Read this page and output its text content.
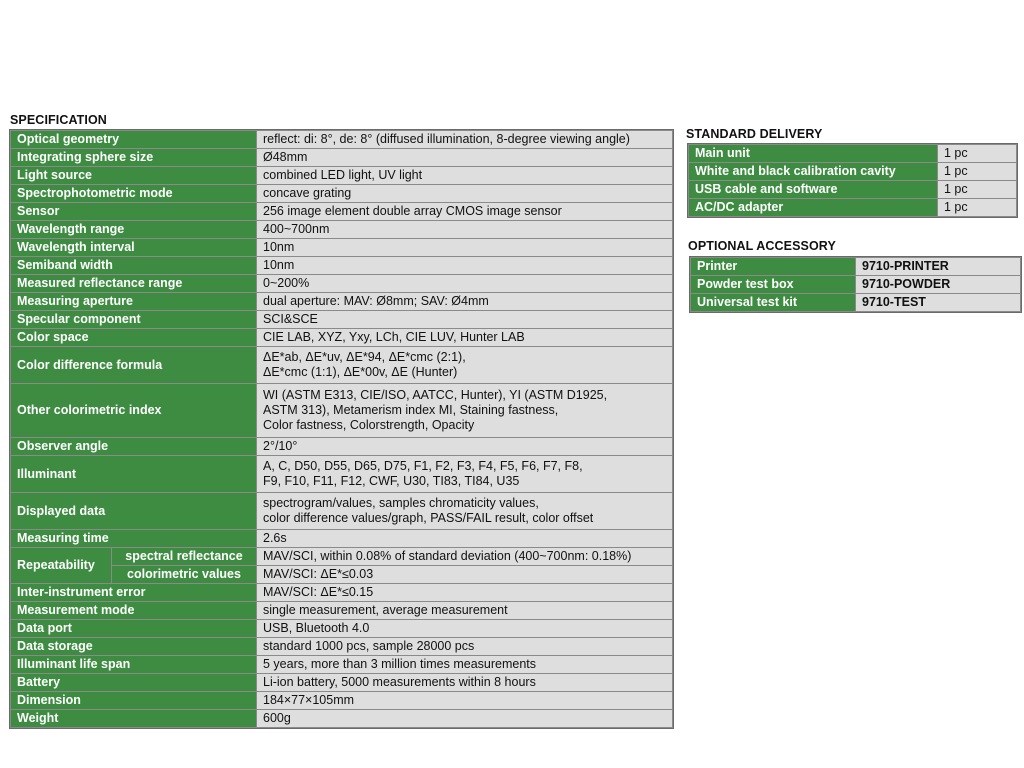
SPECIFICATION
Optical geometry		reflect: di: 8°, de: 8° (diffused illumination, 8-degree viewing angle)
Integrating sphere size		Ø48mm
Light source		combined LED light, UV light
Spectrophotometric mode		concave grating
Sensor		256 image element double array CMOS image sensor
Wavelength range		400~700nm
Wavelength interval		10nm
Semiband width		10nm
Measured reflectance range		0~200%
Measuring aperture		dual aperture: MAV: Ø8mm; SAV: Ø4mm
Specular component		SCI&SCE
Color space		CIE LAB, XYZ, Yxy, LCh, CIE LUV, Hunter LAB
Color difference formula		ΔE*ab, ΔE*uv, ΔE*94, ΔE*cmc (2:1),
ΔE*cmc (1:1), ΔE*00v, ΔE (Hunter)

Other colorimetric index		WI (ASTM E313, CIE/ISO, AATCC, Hunter), YI (ASTM D1925,
ASTM 313), Metamerism index MI, Staining fastness,
Color fastness, Colorstrength, Opacity

Observer angle		2°/10°
Illuminant		A, C, D50, D55, D65, D75, F1, F2, F3, F4, F5, F6, F7, F8,
F9, F10, F11, F12, CWF, U30, TI83, TI84, U35

Displayed data		spectrogram/values, samples chromaticity values,
color difference values/graph, PASS/FAIL result, color offset

Measuring time		2.6s
Repeatability	spectral reflectance	MAV/SCI, within 0.08% of standard deviation (400~700nm: 0.18%)
	colorimetric values	MAV/SCI: ΔE*≤0.03
Inter-instrument error		MAV/SCI: ΔE*≤0.15
Measurement mode		single measurement, average measurement
Data port		USB, Bluetooth 4.0
Data storage		standard 1000 pcs, sample 28000 pcs
Illuminant life span		5 years, more than 3 million times measurements
Battery		Li-ion battery, 5000 measurements within 8 hours
Dimension		184×77×105mm
Weight		600g
STANDARD DELIVERY
Main unit	1 pc
White and black calibration cavity	1 pc
USB cable and software	1 pc
AC/DC adapter	1 pc
OPTIONAL ACCESSORY
Printer	9710-PRINTER
Powder test box	9710-POWDER
Universal test kit	9710-TEST
